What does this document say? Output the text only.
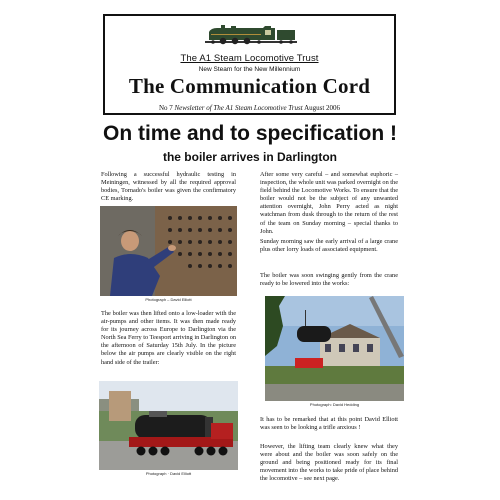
The A1 Steam Locomotive Trust
New Steam for the New Millennium
The Communication Cord
No 7 Newsletter of The A1 Steam Locomotive Trust August 2006
On time and to specification !
the boiler arrives in Darlington

Following a successful hydraulic testing in Meiningen, witnessed by all the required approval bodies, Tornado's boiler was given the confirmatory CE marking.

Photograph – David Elliott

The boiler was then lifted onto a low-loader with the air-pumps and other items. It was then made ready for its journey across Europe to Darlington via the North Sea Ferry to Teesport arriving in Darlington on the afternoon of Saturday 15th July. In the picture below the air pumps are clearly visible on the right hand side of the trailer:

Photograph · David Elliott

After some very careful – and somewhat euphoric – inspection, the whole unit was parked overnight on the field behind the Locomotive Works. To ensure that the boiler would not be the subject of any unwanted attention overnight, John Perry acted as night watchman from dusk through to the return of the rest of the team on Sunday morning – special thanks to John.

Sunday morning saw the early arrival of a large crane plus other lorry loads of associated equipment.

The boiler was soon swinging gently from the crane ready to be lowered into the works:

Photograph: David Hedding

It has to be remarked that at this point David Elliott was seen to be looking a trifle anxious !

However, the lifting team clearly knew what they were about and the boiler was soon safely on the ground and being positioned ready for its final movement into the works to take pride of place behind the locomotive – see next page.
